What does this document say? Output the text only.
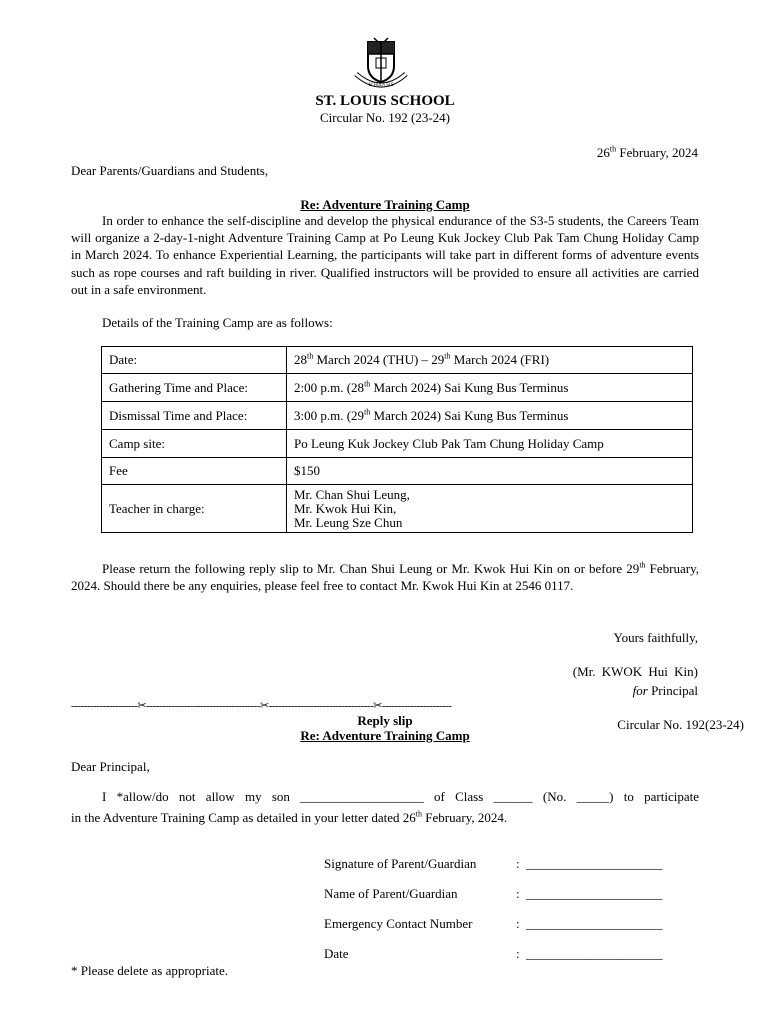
SCHOLA SLS
ST. LOUIS SCHOOL
Circular No. 192 (23-24)
26th February, 2024
Dear Parents/Guardians and Students,
Re: Adventure Training Camp
In order to enhance the self-discipline and develop the physical endurance of the S3-5 students, the Careers Team will organize a 2-day-1-night Adventure Training Camp at Po Leung Kuk Jockey Club Pak Tam Chung Holiday Camp in March 2024. To enhance Experiential Learning, the participants will take part in different forms of adventure events such as rope courses and raft building in river. Qualified instructors will be provided to ensure all activities are carried out in a safe environment.
Details of the Training Camp are as follows:
Date:	28th March 2024 (THU) – 29th March 2024 (FRI)
Gathering Time and Place:	2:00 p.m. (28th March 2024) Sai Kung Bus Terminus
Dismissal Time and Place:	3:00 p.m. (29th March 2024) Sai Kung Bus Terminus
Camp site:	Po Leung Kuk Jockey Club Pak Tam Chung Holiday Camp
Fee	$150
Teacher in charge:	Mr. Chan Shui Leung,
Mr. Kwok Hui Kin,
Mr. Leung Sze Chun
Please return the following reply slip to Mr. Chan Shui Leung or Mr. Kwok Hui Kin on or before 29th February, 2024. Should there be any enquiries, please feel free to contact Mr. Kwok Hui Kin at 2546 0117.
Yours faithfully,
(Mr. KWOK Hui Kin)
for Principal
---------------------✂------------------------------------✂---------------------------------✂----------------------
Reply slip
Re: Adventure Training Camp
Circular No. 192(23-24)
Dear Principal,
I *allow/do not allow my son ___________________ of Class ______ (No. _____) to participate
in the Adventure Training Camp as detailed in your letter dated 26th February, 2024.
Signature of Parent/Guardian	: _____________________
Name of Parent/Guardian	: _____________________
Emergency Contact Number	: _____________________
Date	: _____________________
* Please delete as appropriate.
